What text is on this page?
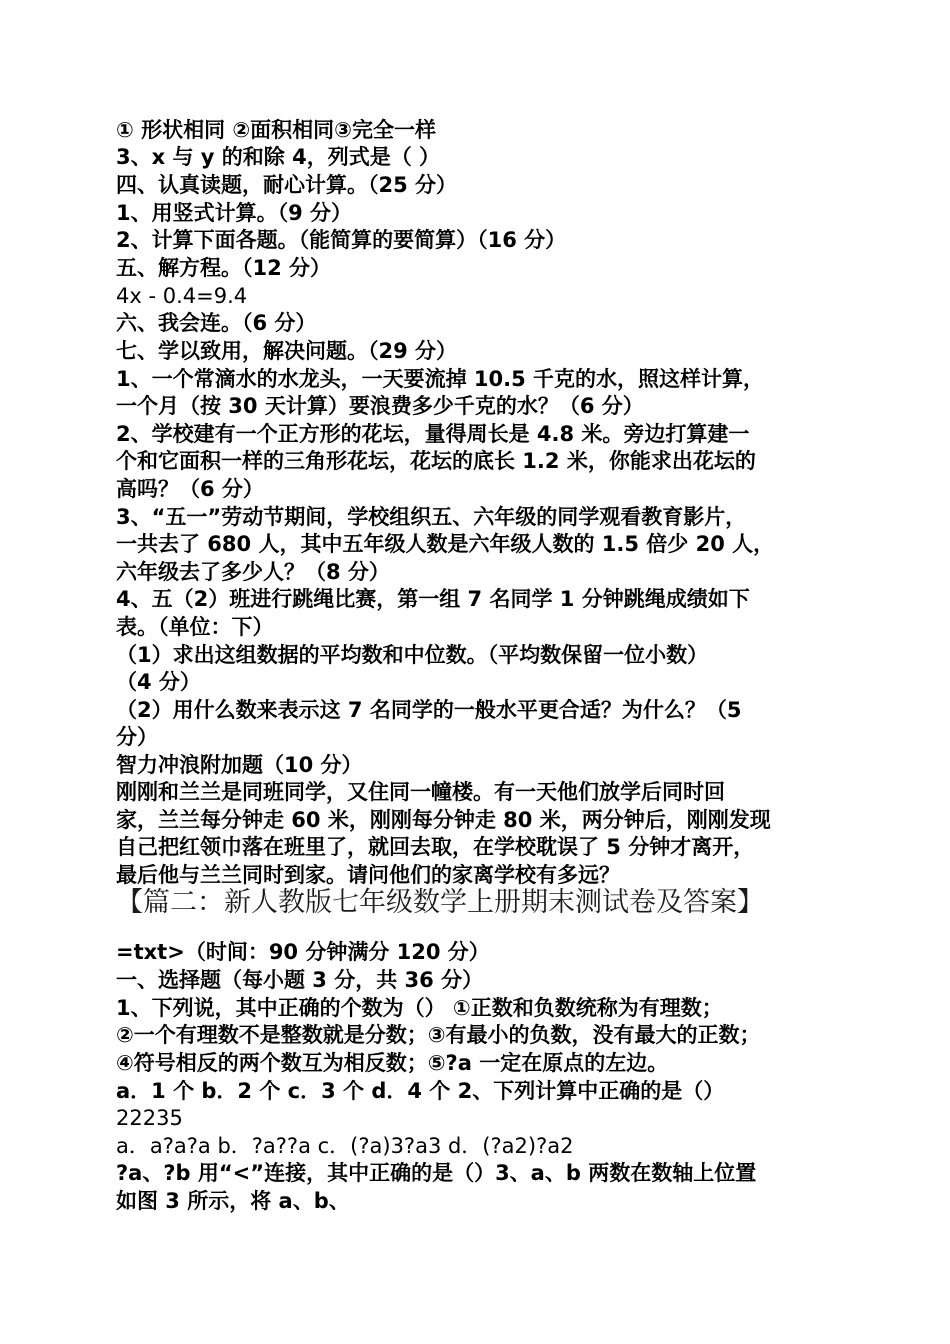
① 形状相同 ②面积相同③完全一样
3、x 与 y 的和除 4，列式是（ ）
四、认真读题，耐心计算。（25 分）
1、用竖式计算。（9 分）
2、计算下面各题。（能简算的要简算）（16 分）
五、解方程。（12 分）
4x - 0.4=9.4
六、我会连。（6 分）
七、学以致用，解决问题。（29 分）
1、一个常滴水的水龙头，一天要流掉 10.5 千克的水，照这样计算，
一个月（按 30 天计算）要浪费多少千克的水？（6 分）
2、学校建有一个正方形的花坛，量得周长是 4.8 米。旁边打算建一
个和它面积一样的三角形花坛，花坛的底长 1.2 米，你能求出花坛的
高吗？（6 分）
3、“五一”劳动节期间，学校组织五、六年级的同学观看教育影片，
一共去了 680 人，其中五年级人数是六年级人数的 1.5 倍少 20 人，
六年级去了多少人？（8 分）
4、五（2）班进行跳绳比赛，第一组 7 名同学 1 分钟跳绳成绩如下
表。（单位：下）
（1）求出这组数据的平均数和中位数。（平均数保留一位小数）
（4 分）
（2）用什么数来表示这 7 名同学的一般水平更合适？为什么？（5
分）
智力冲浪附加题（10 分）
刚刚和兰兰是同班同学，又住同一幢楼。有一天他们放学后同时回
家，兰兰每分钟走 60 米，刚刚每分钟走 80 米，两分钟后，刚刚发现
自己把红领巾落在班里了，就回去取，在学校耽误了 5 分钟才离开，
最后他与兰兰同时到家。请问他们的家离学校有多远？
【篇二：新人教版七年级数学上册期末测试卷及答案】
=txt>（时间：90 分钟满分 120 分）
一、选择题（每小题 3 分，共 36 分）
1、下列说，其中正确的个数为（） ①正数和负数统称为有理数；
②一个有理数不是整数就是分数；③有最小的负数，没有最大的正数；
④符号相反的两个数互为相反数；⑤?a 一定在原点的左边。
a．1 个 b．2 个 c．3 个 d．4 个 2、下列计算中正确的是（）
22235
a．a?a?a b．?a??a c．(?a)3?a3 d．(?a2)?a2
?a、?b 用“<”连接，其中正确的是（）3、a、b 两数在数轴上位置
如图 3 所示，将 a、b、
